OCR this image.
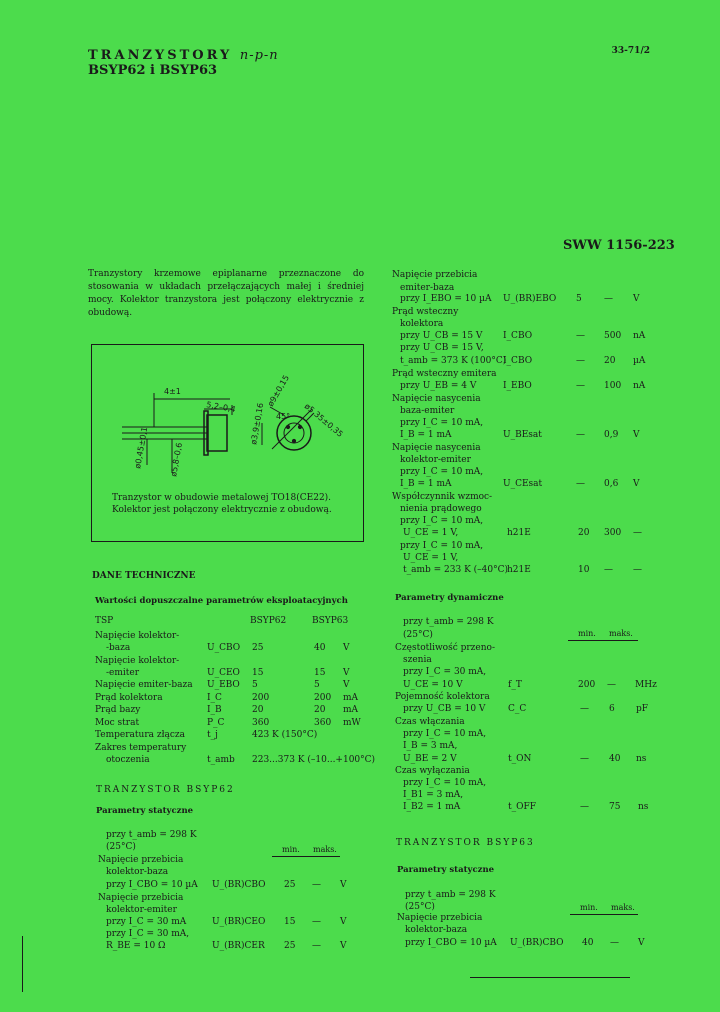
TRANZYSTORY n-p-n
BSYP62 i BSYP63
33-71/2
SWW 1156-223
Tranzystory krzemowe epiplanarne przeznaczone do stosowania w układach przełączających małej i średniej mocy. Kolektor tranzystora jest połączony elektrycznie z obudową.
4±1
5,2–0,4
ø0,45±0,1 ø5,8–0,6
ø9±0,15
ø5,35±0,35
ø3,9±0,16 45°
Tranzystor w obudowie metalowej TO18(CE22). Kolektor jest połączony elektrycznie z obudową.
DANE TECHNICZNE
Wartości dopuszczalne parametrów eksploatacyjnych
TSP	BSYP62	BSYP63
Napięcie kolektor-
-baza	U_CBO 25	40 V
Napięcie kolektor-
-emiter	U_CEO 15	15 V
Napięcie emiter-baza U_EBO 5	5	V
Prąd kolektora	I_C	200	200 mA
Prąd bazy	I_B	20	20 mA
Moc strat	P_C	360	360 mW
Temperatura złącza t_j	423 K (150°C)
Zakres temperatury
otoczenia	t_amb 223...373 K (–10...+100°C)
TRANZYSTOR BSYP62
Parametry statyczne
przy t_amb = 298 K
(25°C)	min. maks.
Napięcie przebicia
kolektor-baza
przy I_CBO = 10 µA U_(BR)CBO 25 — V
Napięcie przebicia
kolektor-emiter
przy I_C = 30 mA	U_(BR)CEO 15 — V
przy I_C = 30 mA,
R_BE = 10 Ω	U_(BR)CER 25 — V
Napięcie przebicia
emiter-baza
przy I_EBO = 10 µA U_(BR)EBO 5 — V
Prąd wsteczny
kolektora
przy U_CB = 15 V I_CBO	— 500 nA
przy U_CB = 15 V,
t_amb = 373 K (100°C)
I_CBO	— 20 µA
Prąd wsteczny emitera
przy U_EB = 4 V	I_EBO	— 100 nA
Napięcie nasycenia
baza-emiter
przy I_C = 10 mA,
I_B = 1 mA	U_BEsat	— 0,9 V
Napięcie nasycenia
kolektor-emiter
przy I_C = 10 mA,
I_B = 1 mA	U_CEsat	— 0,6 V
Współczynnik wzmoc-
nienia prądowego
przy I_C = 10 mA,
U_CE = 1 V,	h21E	20 300 —
przy I_C = 10 mA,
U_CE = 1 V,
t_amb = 233 K (–40°C)
h21E	10 — —
Parametry dynamiczne
przy t_amb = 298 K
(25°C)	min. maks.
Częstotliwość przeno-
szenia
przy I_C = 30 mA,
U_CE = 10 V	f_T	200 — MHz
Pojemność kolektora
przy U_CB = 10 V	C_C	— 6 pF
Czas włączania
przy I_C = 10 mA,
I_B = 3 mA,
U_BE = 2 V	t_ON	— 40 ns
Czas wyłączania
przy I_C = 10 mA,
I_B1 = 3 mA,
I_B2 = 1 mA	t_OFF	— 75 ns
TRANZYSTOR BSYP63
Parametry statyczne
przy t_amb = 298 K
(25°C)	min. maks.
Napięcie przebicia
kolektor-baza
przy I_CBO = 10 µA U_(BR)CBO 40 — V
